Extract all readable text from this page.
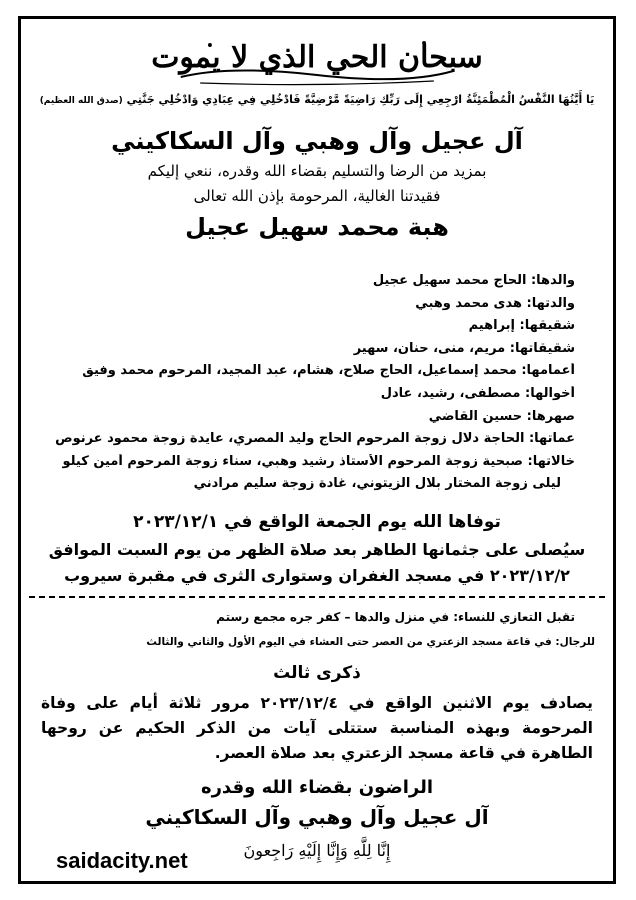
سبحان الحي الذي لا يموت
يَا أَيَّتُهَا النَّفْسُ الْمُطْمَئِنَّةُ ارْجِعِي إِلَى رَبِّكِ رَاضِيَةً مَّرْضِيَّةً فَادْخُلِي فِي عِبَادِي وَادْخُلِي جَنَّتِي (صدق الله العظيم)
آل عجيل وآل وهبي وآل السكاكيني
بمزيد من الرضا والتسليم بقضاء الله وقدره، ننعي إليكم
فقيدتنا الغالية، المرحومة بإذن الله تعالى
هبة محمد سهيل عجيل
والدها: الحاج محمد سهيل عجيل
والدتها: هدى محمد وهبي
شقيقها: إبراهيم
شقيقاتها: مريم، منى، حنان، سهير
أعمامها: محمد إسماعيل، الحاج صلاح، هشام، عبد المجيد، المرحوم محمد وفيق
أخوالها: مصطفى، رشيد، عادل
صهرها: حسين القاضي
عماتها: الحاجة دلال زوجة المرحوم الحاج وليد المصري، عايدة زوجة محمود عرنوص
خالاتها: صبحية زوجة المرحوم الأستاذ رشيد وهبي، سناء زوجة المرحوم أمين كيلو
ليلى زوجة المختار بلال الزيتوني، غادة زوجة سليم مرادني
توفاها الله يوم الجمعة الواقع في ٢٠٢٣/١٢/١
سيُصلى على جثمانها الطاهر بعد صلاة الظهر من يوم السبت الموافق
٢٠٢٣/١٢/٢ في مسجد الغفران وستوارى الثرى في مقبرة سيروب
تقبل التعازي للنساء: في منزل والدها – كفر جره مجمع رستم
للرجال: في قاعة مسجد الزعتري من العصر حتى العشاء في اليوم الأول والثاني والثالث
ذكرى ثالث
يصادف يوم الاثنين الواقع في ٢٠٢٣/١٢/٤ مرور ثلاثة أيام على وفاة المرحومة وبهذه المناسبة ستتلى آيات من الذكر الحكيم عن روحها الطاهرة في قاعة مسجد الزعتري بعد صلاة العصر.
الراضون بقضاء الله وقدره
آل عجيل وآل وهبي وآل السكاكيني
إِنَّا لِلَّهِ وَإِنَّا إِلَيْهِ رَاجِعونَ
saidacity.net
